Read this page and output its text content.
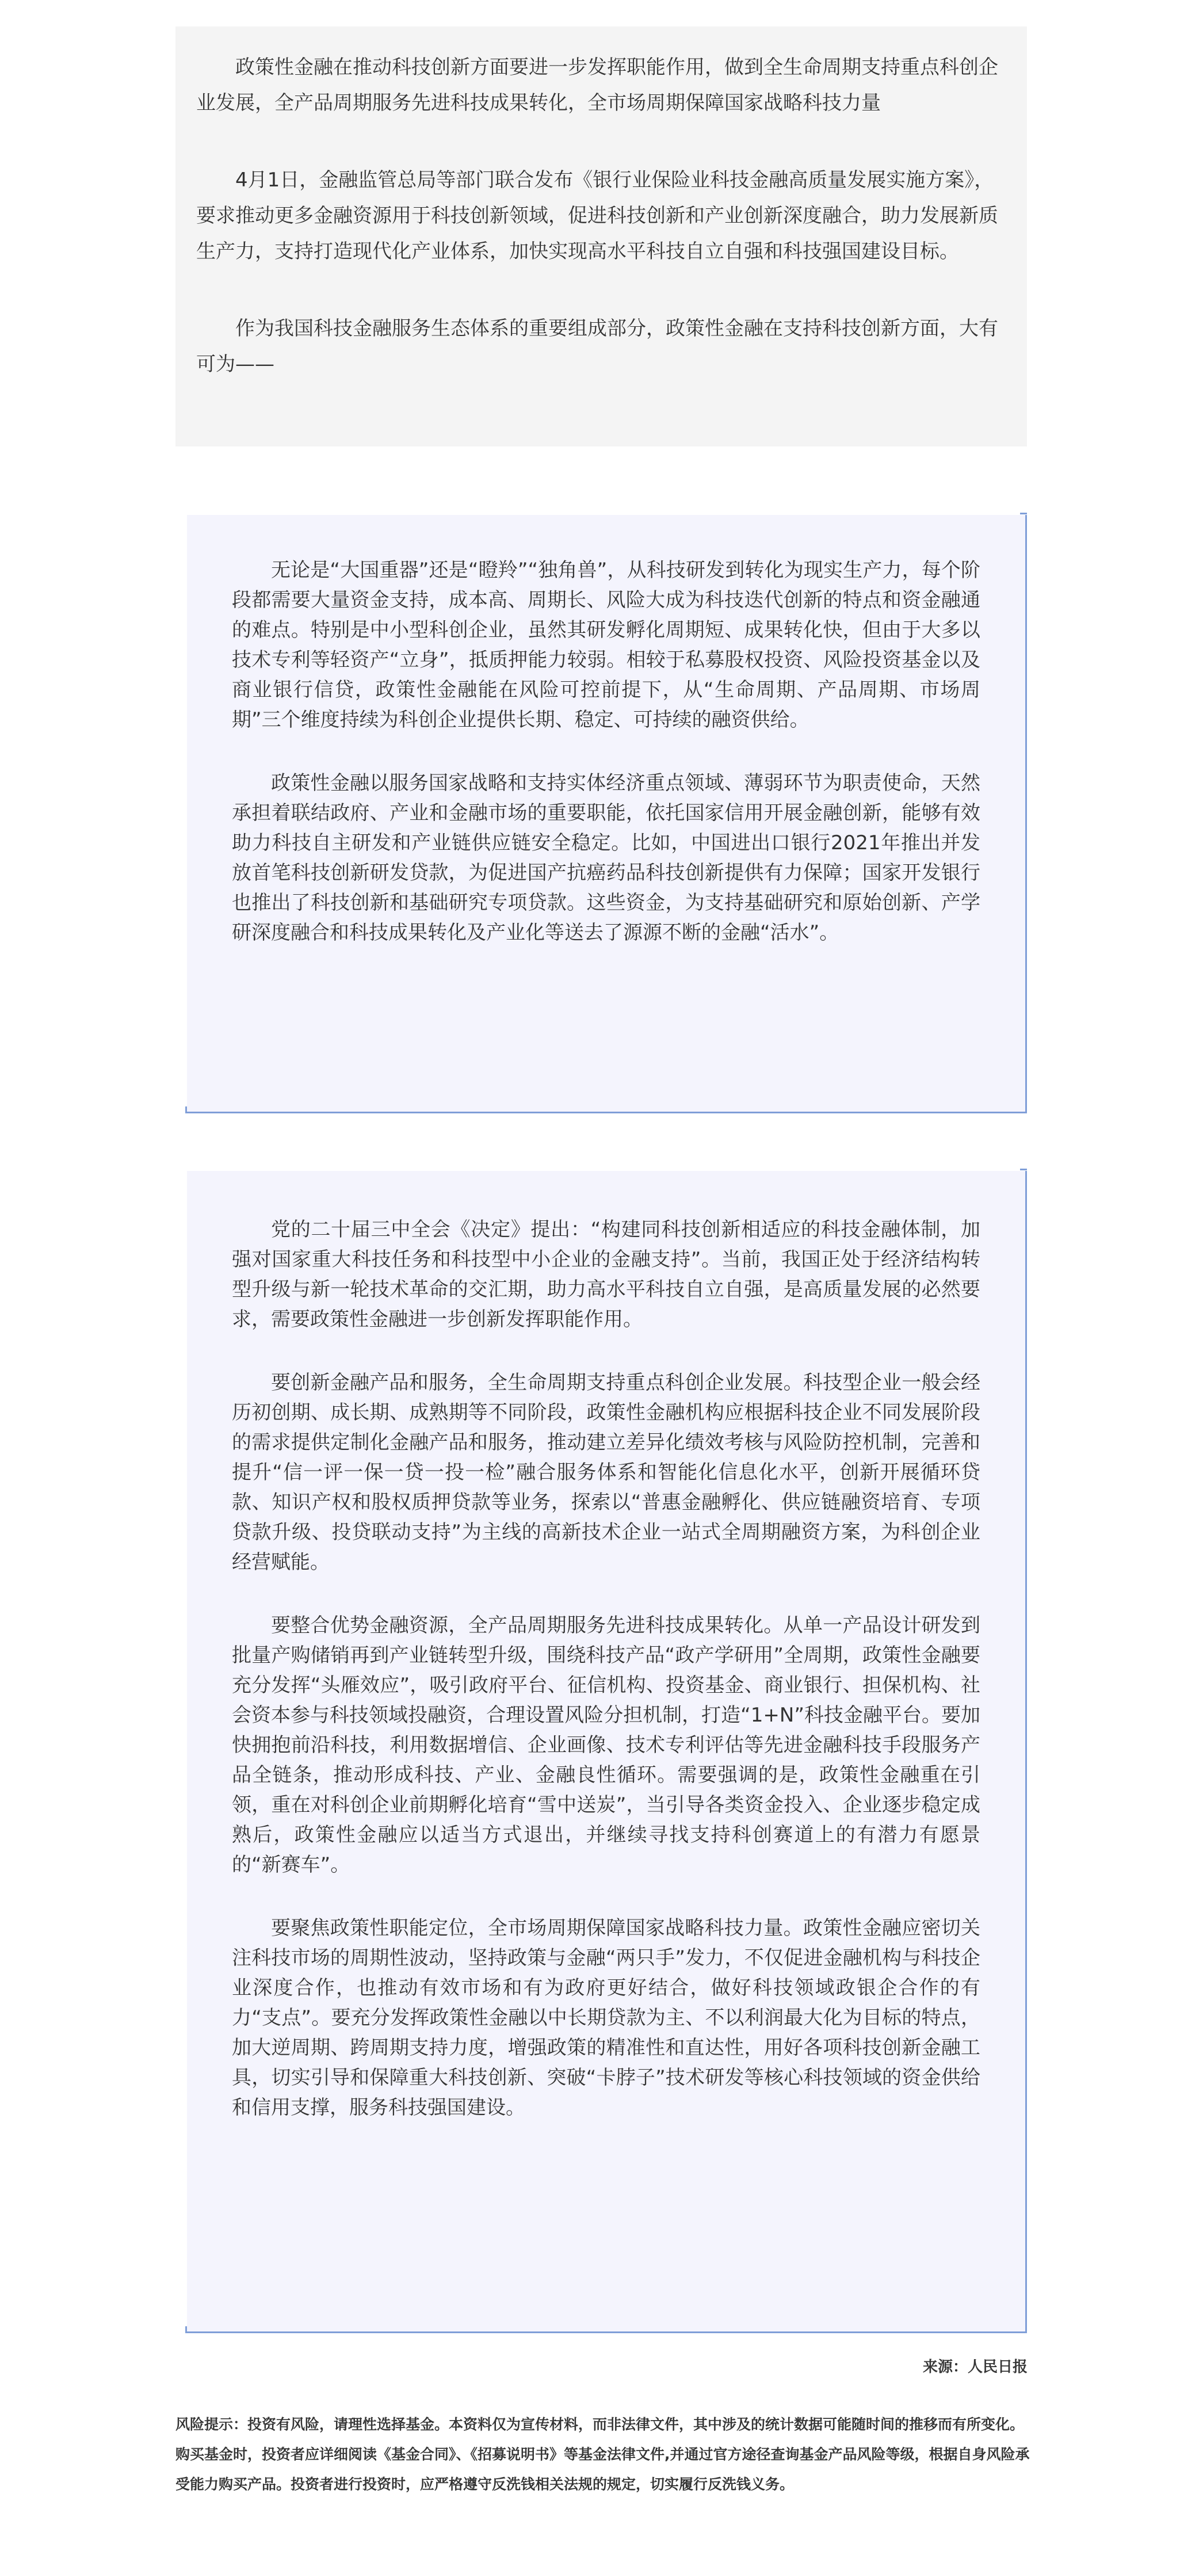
政策性金融在推动科技创新方面要进一步发挥职能作用，做到全生命周期支持重点科创企业发展，全产品周期服务先进科技成果转化，全市场周期保障国家战略科技力量

4月1日，金融监管总局等部门联合发布《银行业保险业科技金融高质量发展实施方案》，要求推动更多金融资源用于科技创新领域，促进科技创新和产业创新深度融合，助力发展新质生产力，支持打造现代化产业体系，加快实现高水平科技自立自强和科技强国建设目标。

作为我国科技金融服务生态体系的重要组成部分，政策性金融在支持科技创新方面，大有可为——

无论是“大国重器”还是“瞪羚”“独角兽”，从科技研发到转化为现实生产力，每个阶段都需要大量资金支持，成本高、周期长、风险大成为科技迭代创新的特点和资金融通的难点。特别是中小型科创企业，虽然其研发孵化周期短、成果转化快，但由于大多以技术专利等轻资产“立身”，抵质押能力较弱。相较于私募股权投资、风险投资基金以及商业银行信贷，政策性金融能在风险可控前提下，从“生命周期、产品周期、市场周期”三个维度持续为科创企业提供长期、稳定、可持续的融资供给。

政策性金融以服务国家战略和支持实体经济重点领域、薄弱环节为职责使命，天然承担着联结政府、产业和金融市场的重要职能，依托国家信用开展金融创新，能够有效助力科技自主研发和产业链供应链安全稳定。比如，中国进出口银行2021年推出并发放首笔科技创新研发贷款，为促进国产抗癌药品科技创新提供有力保障；国家开发银行也推出了科技创新和基础研究专项贷款。这些资金，为支持基础研究和原始创新、产学研深度融合和科技成果转化及产业化等送去了源源不断的金融“活水”。

党的二十届三中全会《决定》提出：“构建同科技创新相适应的科技金融体制，加强对国家重大科技任务和科技型中小企业的金融支持”。当前，我国正处于经济结构转型升级与新一轮技术革命的交汇期，助力高水平科技自立自强，是高质量发展的必然要求，需要政策性金融进一步创新发挥职能作用。

要创新金融产品和服务，全生命周期支持重点科创企业发展。科技型企业一般会经历初创期、成长期、成熟期等不同阶段，政策性金融机构应根据科技企业不同发展阶段的需求提供定制化金融产品和服务，推动建立差异化绩效考核与风险防控机制，完善和提升“信一评一保一贷一投一检”融合服务体系和智能化信息化水平，创新开展循环贷款、知识产权和股权质押贷款等业务，探索以“普惠金融孵化、供应链融资培育、专项贷款升级、投贷联动支持”为主线的高新技术企业一站式全周期融资方案，为科创企业经营赋能。

要整合优势金融资源，全产品周期服务先进科技成果转化。从单一产品设计研发到批量产购储销再到产业链转型升级，围绕科技产品“政产学研用”全周期，政策性金融要充分发挥“头雁效应”，吸引政府平台、征信机构、投资基金、商业银行、担保机构、社会资本参与科技领域投融资，合理设置风险分担机制，打造“1+N”科技金融平台。要加快拥抱前沿科技，利用数据增信、企业画像、技术专利评估等先进金融科技手段服务产品全链条，推动形成科技、产业、金融良性循环。需要强调的是，政策性金融重在引领，重在对科创企业前期孵化培育“雪中送炭”，当引导各类资金投入、企业逐步稳定成熟后，政策性金融应以适当方式退出，并继续寻找支持科创赛道上的有潜力有愿景的“新赛车”。

要聚焦政策性职能定位，全市场周期保障国家战略科技力量。政策性金融应密切关注科技市场的周期性波动，坚持政策与金融“两只手”发力，不仅促进金融机构与科技企业深度合作，也推动有效市场和有为政府更好结合，做好科技领域政银企合作的有力“支点”。要充分发挥政策性金融以中长期贷款为主、不以利润最大化为目标的特点，加大逆周期、跨周期支持力度，增强政策的精准性和直达性，用好各项科技创新金融工具，切实引导和保障重大科技创新、突破“卡脖子”技术研发等核心科技领域的资金供给和信用支撑，服务科技强国建设。

来源：人民日报

风险提示：投资有风险，请理性选择基金。本资料仅为宣传材料，而非法律文件，其中涉及的统计数据可能随时间的推移而有所变化。购买基金时，投资者应详细阅读《基金合同》、《招募说明书》等基金法律文件,并通过官方途径查询基金产品风险等级，根据自身风险承受能力购买产品。投资者进行投资时，应严格遵守反洗钱相关法规的规定，切实履行反洗钱义务。
